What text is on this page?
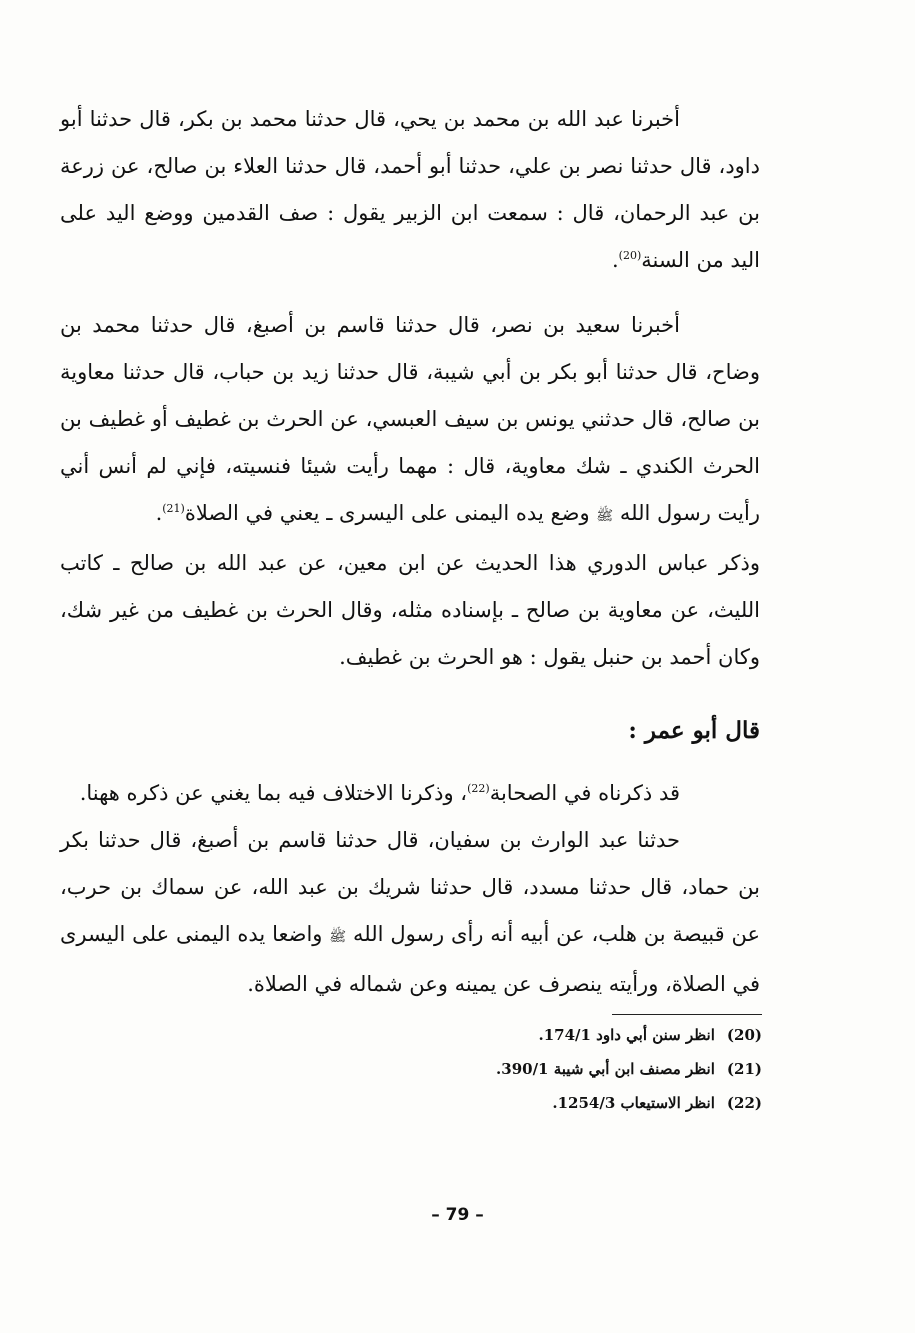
أخبرنا عبد الله بن محمد بن يحي، قال حدثنا محمد بن بكر، قال حدثنا أبو داود، قال حدثنا نصر بن علي، حدثنا أبو أحمد، قال حدثنا العلاء بن صالح، عن زرعة بن عبد الرحمان، قال : سمعت ابن الزبير يقول : صف القدمين ووضع اليد على اليد من السنة$^{(20)}$.

أخبرنا سعيد بن نصر، قال حدثنا قاسم بن أصبغ، قال حدثنا محمد بن وضاح، قال حدثنا أبو بكر بن أبي شيبة، قال حدثنا زيد بن حباب، قال حدثنا معاوية بن صالح، قال حدثني يونس بن سيف العبسي، عن الحرث بن غطيف أو غطيف بن الحرث الكندي ـ شك معاوية، قال : مهما رأيت شيئا فنسيته، فإني لم أنس أني رأيت رسول الله ﷺ وضع يده اليمنى على اليسرى ـ يعني في الصلاة$^{(21)}$.

وذكر عباس الدوري هذا الحديث عن ابن معين، عن عبد الله بن صالح ـ كاتب الليث، عن معاوية بن صالح ـ بإسناده مثله، وقال الحرث بن غطيف من غير شك، وكان أحمد بن حنبل يقول : هو الحرث بن غطيف.

قال أبو عمر :

قد ذكرناه في الصحابة$^{(22)}$، وذكرنا الاختلاف فيه بما يغني عن ذكره ههنا.

حدثنا عبد الوارث بن سفيان، قال حدثنا قاسم بن أصبغ، قال حدثنا بكر بن حماد، قال حدثنا مسدد، قال حدثنا شريك بن عبد الله، عن سماك بن حرب، عن قبيصة بن هلب، عن أبيه أنه رأى رسول الله ﷺ واضعا يده اليمنى على اليسرى في الصلاة، ورأيته ينصرف عن يمينه وعن شماله في الصلاة.

(20)انظر سنن أبي داود 174/1.

(21)انظر مصنف ابن أبي شيبة 390/1.

(22)انظر الاستيعاب 1254/3.

– 79 –
